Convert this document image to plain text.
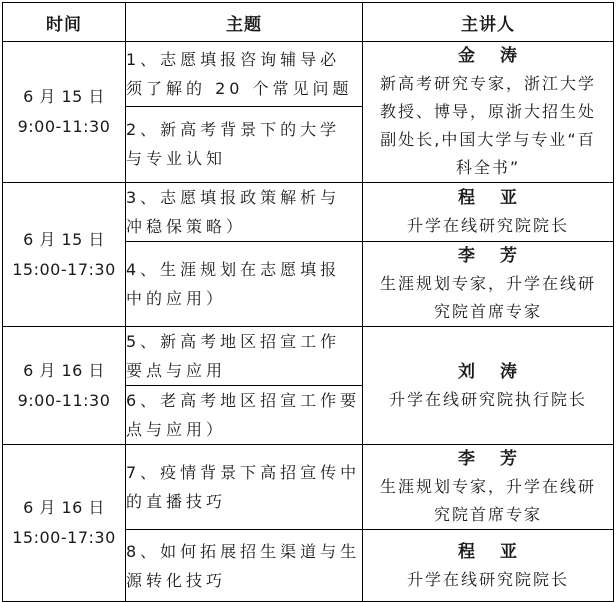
时间	主题	主讲人

6 月 15 日
9:00-11:30	1、志愿填报咨询辅导必
须了解的 20 个常见问题	金 涛
新高考研究专家，浙江大学
教授、博导，原浙大招生处
副处长,中国大学与专业“百
科全书”

	2、新高考背景下的大学
与专业认知	

6 月 15 日
15:00-17:30	3、志愿填报政策解析与
冲稳保策略）	程 亚
升学在线研究院院长

	4、生涯规划在志愿填报
中的应用）	李 芳
生涯规划专家，升学在线研
究院首席专家

6 月 16 日
9:00-11:30	5、新高考地区招宣工作
要点与应用	刘 涛
升学在线研究院执行院长

	6、老高考地区招宣工作要
点与应用）	

6 月 16 日
15:00-17:30	7、疫情背景下高招宣传中
的直播技巧	李 芳
生涯规划专家，升学在线研
究院首席专家

	8、如何拓展招生渠道与生
源转化技巧	程 亚
升学在线研究院院长
